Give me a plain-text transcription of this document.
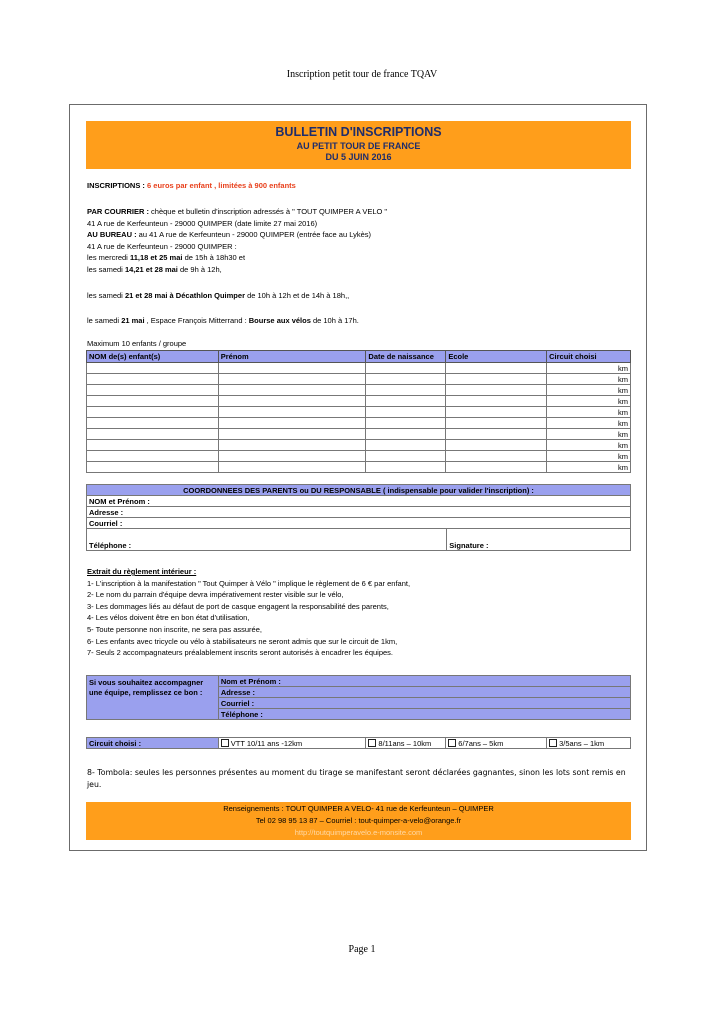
Inscription petit tour de france TQAV
BULLETIN D'INSCRIPTIONS
AU PETIT TOUR DE FRANCE
DU 5 JUIN 2016
INSCRIPTIONS : 6 euros par enfant , limitées à 900 enfants
PAR COURRIER : chèque et bulletin d'inscription adressés à " TOUT QUIMPER A VELO "
41 A rue de Kerfeunteun - 29000 QUIMPER (date limite 27 mai 2016)
AU BUREAU : au 41 A rue de Kerfeunteun - 29000 QUIMPER (entrée face au Lykès)
41 A rue de Kerfeunteun - 29000 QUIMPER :
les mercredi 11,18 et 25 mai de 15h à 18h30 et
les samedi 14,21 et 28 mai de 9h à 12h,
les samedi 21 et 28 mai à Décathlon Quimper de 10h à 12h et de 14h à 18h,,
le samedi 21 mai , Espace François Mitterrand : Bourse aux vélos de 10h à 17h.
Maximum 10 enfants / groupe
NOM de(s) enfant(s)	Prénom	Date de naissance	Ecole	Circuit choisi
				km
				km
				km
				km
				km
				km
				km
				km
				km
				km
COORDONNEES DES PARENTS ou DU RESPONSABLE ( indispensable pour valider l'inscription) :
NOM et Prénom :
Adresse :
Courriel :
Téléphone :	Signature :
Extrait du règlement intérieur :
1- L'inscription à la manifestation " Tout Quimper à Vélo " implique le règlement de 6 € par enfant,
2- Le nom du parrain d'équipe devra impérativement rester visible sur le vélo,
3- Les dommages liés au défaut de port de casque engagent la responsabilité des parents,
4- Les vélos doivent être en bon état d'utilisation,
5- Toute personne non inscrite, ne sera pas assurée,
6- Les enfants avec tricycle ou vélo à stabilisateurs ne seront admis que sur le circuit de 1km,
7- Seuls 2 accompagnateurs préalablement inscrits seront autorisés à encadrer les équipes.
Si vous souhaitez accompagner une équipe, remplissez ce bon :	Nom et Prénom :
Adresse :
Courriel :
Téléphone :
Circuit choisi :	VTT 10/11 ans -12km	8/11ans – 10km	6/7ans – 5km	3/5ans – 1km
8- Tombola: seules les personnes présentes au moment du tirage se manifestant seront déclarées gagnantes, sinon les lots sont remis en jeu.
Renseignements : TOUT QUIMPER A VELO- 41 rue de Kerfeunteun – QUIMPER
Tel 02 98 95 13 87 – Courriel : tout-quimper-a-velo@orange.fr
http://toutquimperavelo.e-monsite.com
Page 1
